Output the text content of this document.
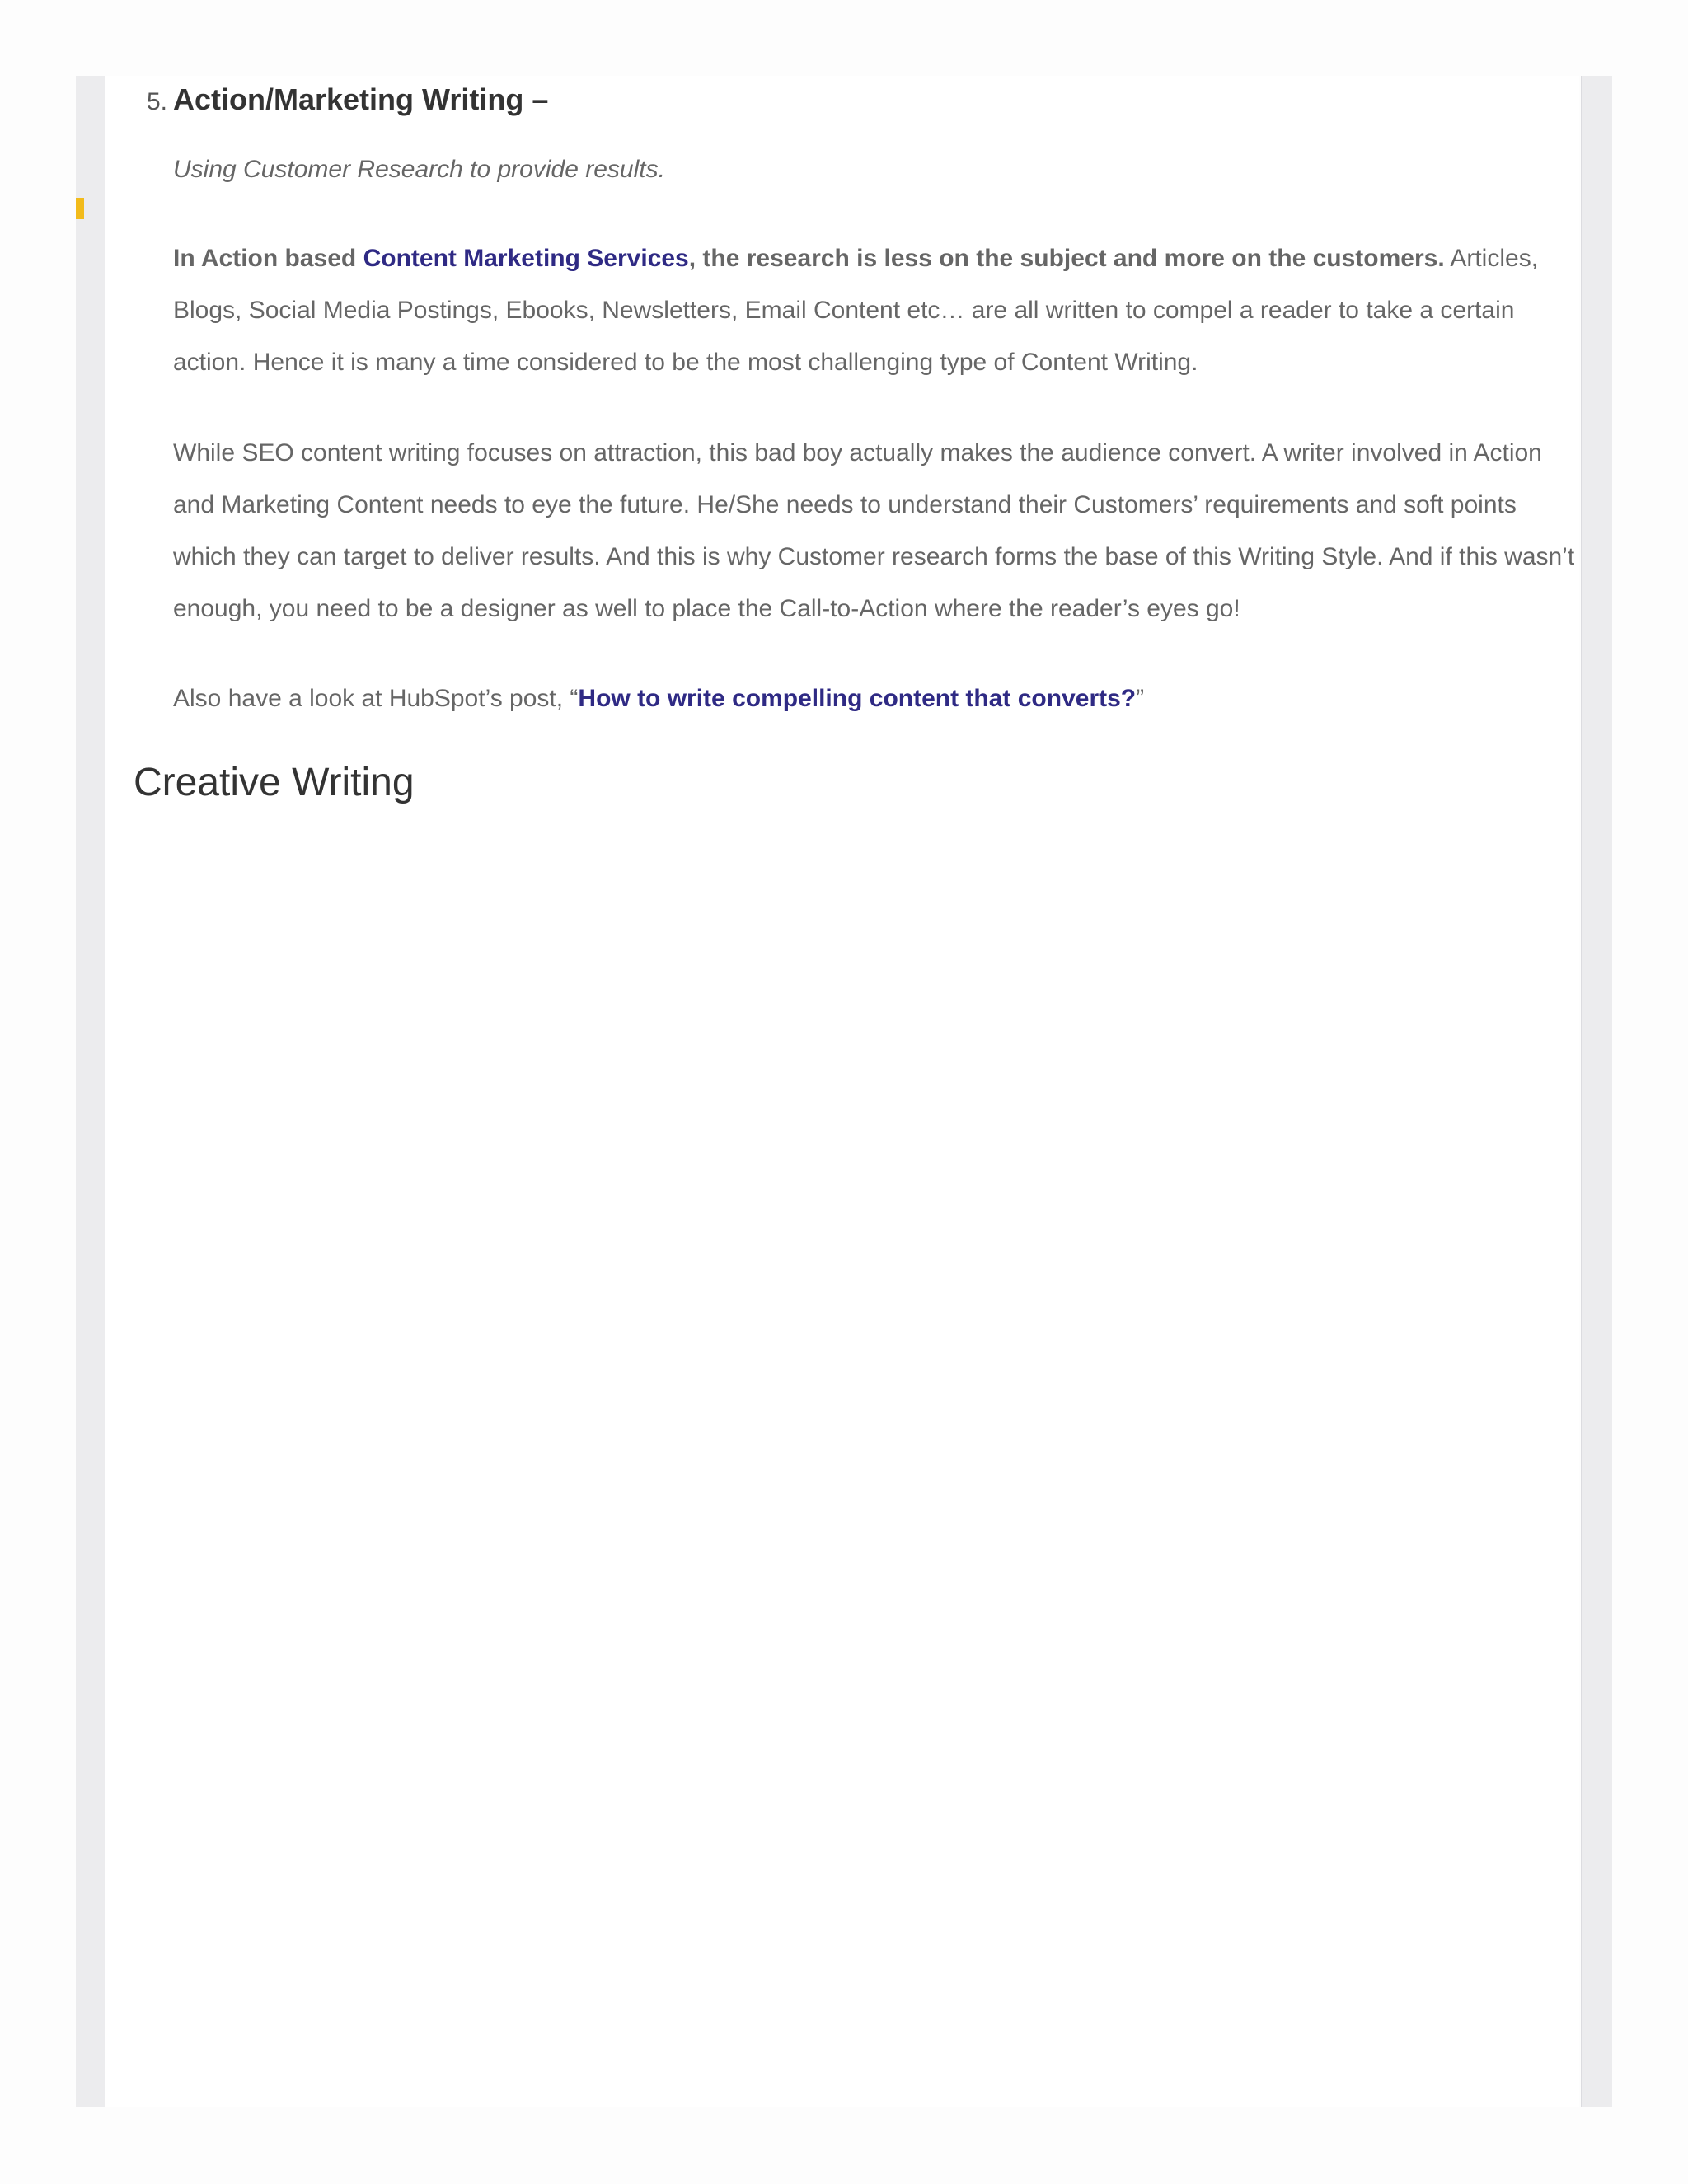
5. Action/Marketing Writing –
Using Customer Research to provide results.

In Action based Content Marketing Services, the research is less on the subject and more on the customers. Articles, Blogs, Social Media Postings, Ebooks, Newsletters, Email Content etc… are all written to compel a reader to take a certain action. Hence it is many a time considered to be the most challenging type of Content Writing.

While SEO content writing focuses on attraction, this bad boy actually makes the audience convert. A writer involved in Action and Marketing Content needs to eye the future. He/She needs to understand their Customers’ requirements and soft points which they can target to deliver results. And this is why Customer research forms the base of this Writing Style. And if this wasn’t enough, you need to be a designer as well to place the Call-to-Action where the reader’s eyes go!

Also have a look at HubSpot’s post, “How to write compelling content that converts?”

Creative Writing
